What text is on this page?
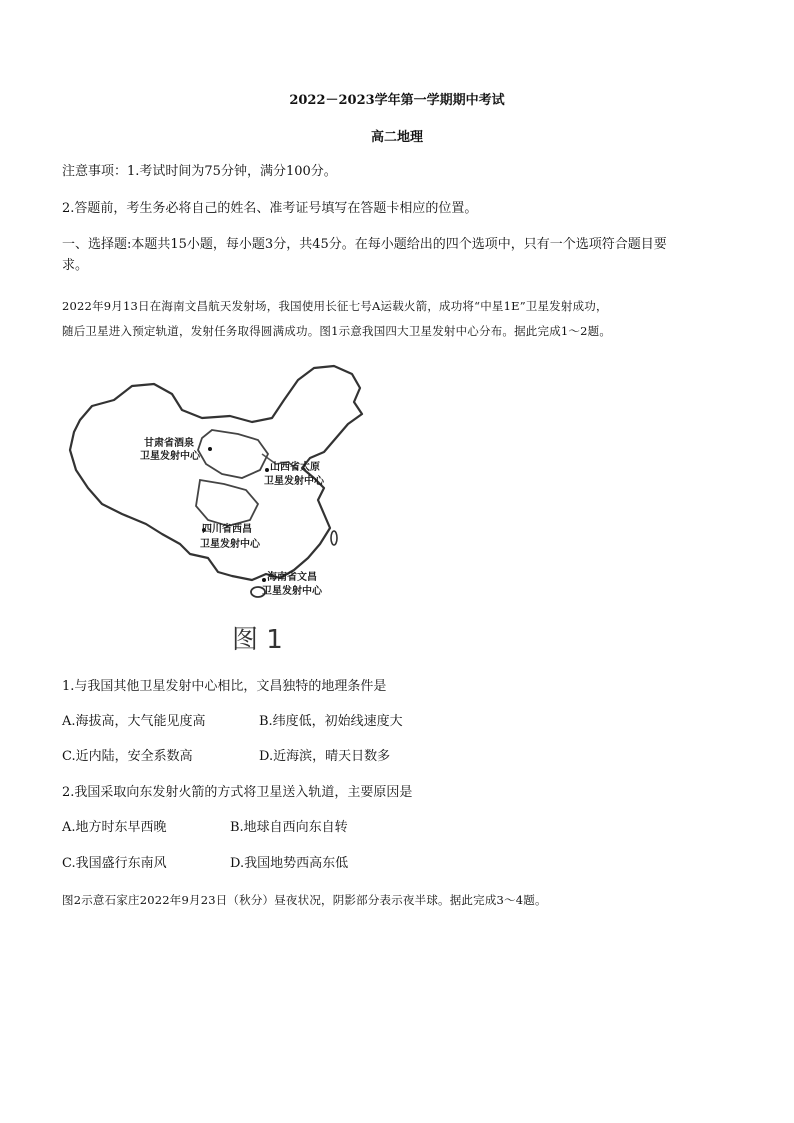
2022－2023学年第一学期期中考试
高二地理
注意事项：1.考试时间为75分钟，满分100分。
2.答题前，考生务必将自己的姓名、准考证号填写在答题卡相应的位置。
一、选择题:本题共15小题，每小题3分，共45分。在每小题给出的四个选项中，只有一个选项符合题目要
求。
2022年9月13日在海南文昌航天发射场，我国使用长征七号A运载火箭，成功将“中星1E”卫星发射成功，
随后卫星进入预定轨道，发射任务取得圆满成功。图1示意我国四大卫星发射中心分布。据此完成1～2题。
甘肃省酒泉
卫星发射中心
山西省太原
卫星发射中心
四川省西昌
卫星发射中心
海南省文昌
卫星发射中心
图 1
1.与我国其他卫星发射中心相比，文昌独特的地理条件是
A.海拔高，大气能见度高	B.纬度低，初始线速度大
C.近内陆，安全系数高	D.近海滨，晴天日数多
2.我国采取向东发射火箭的方式将卫星送入轨道，主要原因是
A.地方时东早西晚	B.地球自西向东自转
C.我国盛行东南风	D.我国地势西高东低
图2示意石家庄2022年9月23日（秋分）昼夜状况，阴影部分表示夜半球。据此完成3～4题。
